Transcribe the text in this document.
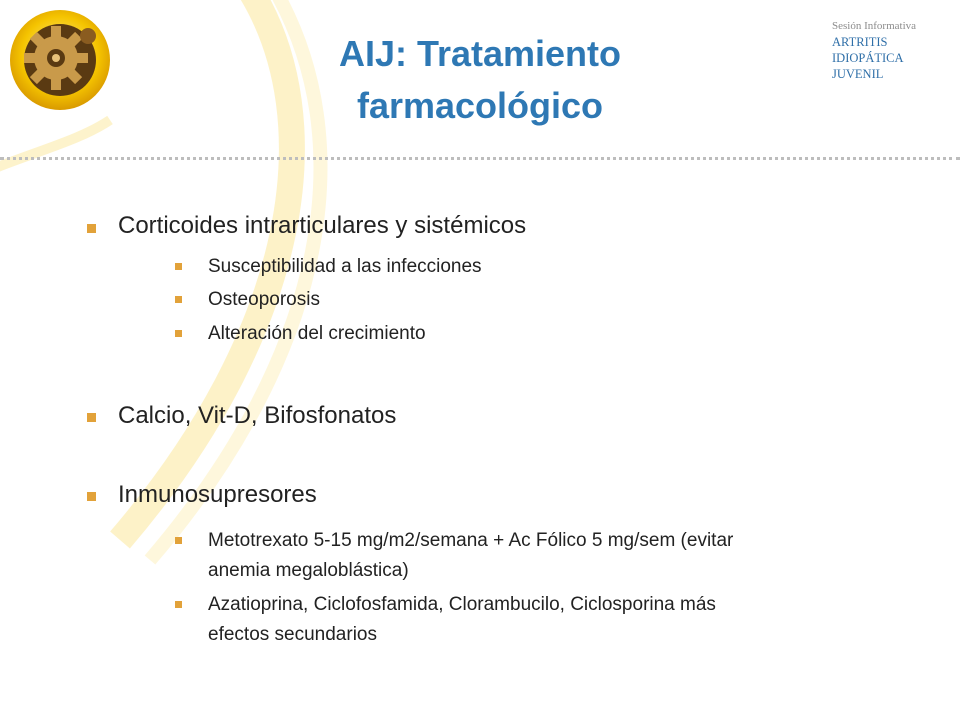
AIJ: Tratamiento
farmacológico
Sesión Informativa
ARTRITIS
IDIOPÁTICA
JUVENIL
Corticoides intrarticulares y sistémicos
Susceptibilidad a las infecciones
Osteoporosis
Alteración del crecimiento
Calcio, Vit-D, Bifosfonatos
Inmunosupresores
Metotrexato 5-15 mg/m2/semana + Ac Fólico 5 mg/sem (evitar
anemia megaloblástica)
Azatioprina, Ciclofosfamida, Clorambucilo, Ciclosporina más
efectos secundarios
